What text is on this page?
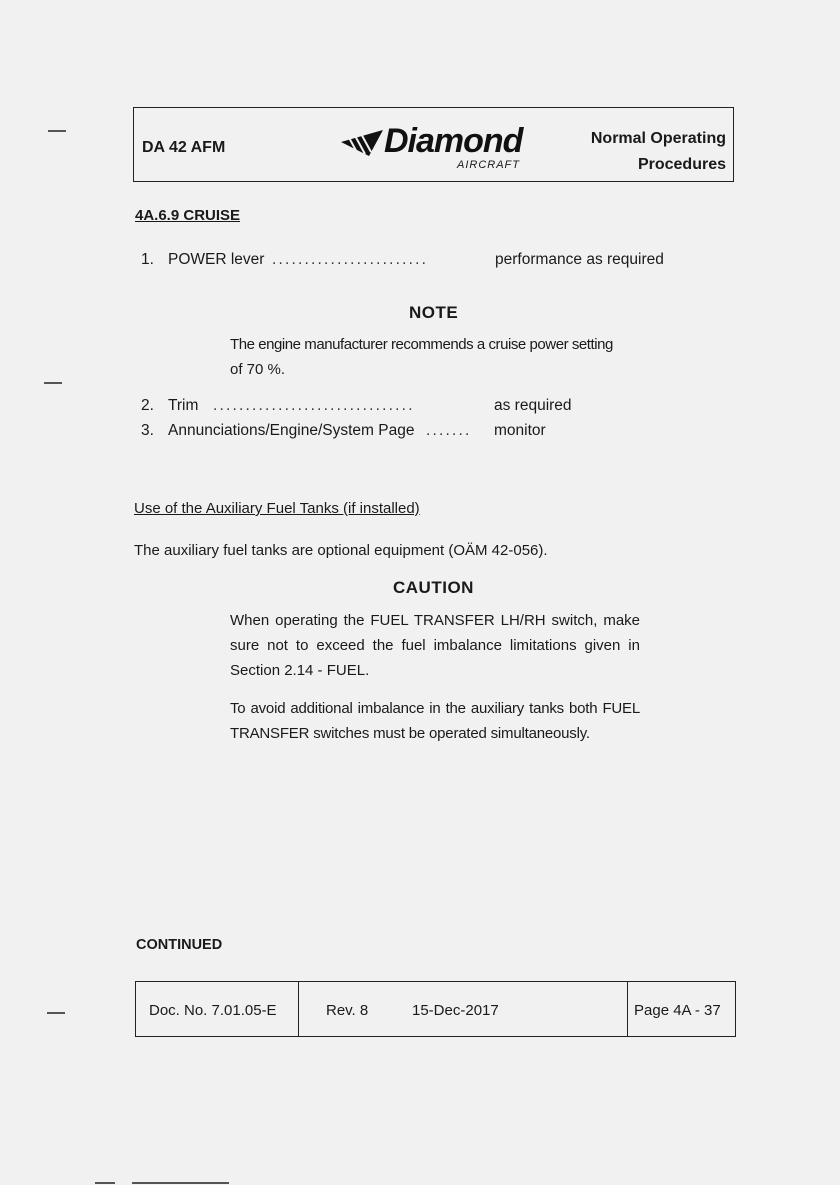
DA 42 AFM	Diamond
AIRCRAFT
Normal Operating
Procedures
4A.6.9 CRUISE
1. POWER lever ........................	performance as required
NOTE
The engine manufacturer recommends a cruise power setting
of 70 %.
2. Trim ...............................	as required
3. Annunciations/Engine/System Page ....... monitor
Use of the Auxiliary Fuel Tanks (if installed)
The auxiliary fuel tanks are optional equipment (OÄM 42-056).
CAUTION
When operating the FUEL TRANSFER LH/RH switch, make sure not to exceed the fuel imbalance limitations given in Section 2.14 - FUEL.
To avoid additional imbalance in the auxiliary tanks both FUEL TRANSFER switches must be operated simultaneously.
CONTINUED
Doc. No. 7.01.05-E	Rev. 8	15-Dec-2017	Page 4A - 37
